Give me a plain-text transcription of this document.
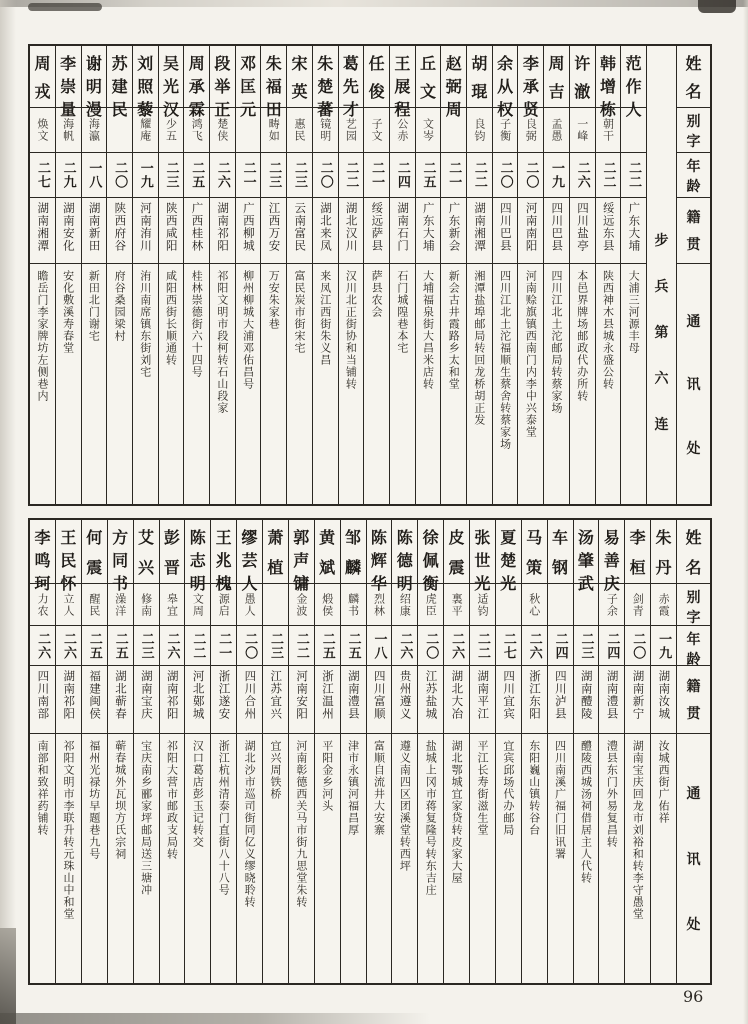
姓
名
别
字
年
龄
籍
贯
通
讯
处
步
兵
第
六
连
范
作
人
二二
广东大埔
大浦三河源丰母
韩
增
栋
朝干
二二
绥远东县
陕西神木县城永盛公转
许
澈
一峰
二六
四川盐亭
本邑界牌场邮政代办所转
周
吉
孟愚
一九
四川巴县
四川江北土沱邮局转蔡家场
李
承
贤
良弼
二〇
河南南阳
河南赊旗镇西南门内李中兴泰堂
余
从
权
子衡
二〇
四川巴县
四川江北土沱福顺生蔡舍转蔡家场
胡
琨
良钧
二二
湖南湘潭
湘潭盐埠邮局转回龙桥胡正发
赵
弼
周
二一
广东新会
新会古井霞路乡太和堂
丘
文
文岑
二五
广东大埔
大埔福泉街大昌米店转
王
展
程
公赤
二四
湖南石门
石门城隍巷本宅
任
俊
子文
二一
绥远萨县
萨县农会
葛
先
才
艺园
二二
湖北汉川
汉川北正街协和当铺转
朱
楚
蕃
镜明
二〇
湖北来凤
来凤江西街朱义昌
宋
英
惠民
二三
云南富民
富民炭市街宋宅
朱
福
田
畴如
二三
江西万安
万安朱家巷
邓
匡
元
二一
广西柳城
柳州柳城大浦邓佑昌号
段
举
正
楚侠
二六
湖南祁阳
祁阳文明市段柯转石山段家
周
承
霖
鸿飞
二五
广西桂林
桂林崇德街六十四号
吴
光
汉
少五
二三
陕西咸阳
咸阳西街长顺通转
刘
照
藜
耀庵
一九
河南洧川
洧川南席镇东街刘宅
苏
建
民
二〇
陕西府谷
府谷桑园梁村
谢
明
漫
海瀛
一八
湖南新田
新田北门谢宅
李
崇
量
海帆
二九
湖南安化
安化敷溪寿春堂
周
戎
焕文
二七
湖南湘潭
瞻岳门李家牌坊左侧巷内
姓
名
别
字
年
龄
籍
贯
通
讯
处
朱
丹
赤霞
一九
湖南汝城
汝城西街广佑祥
李
桓
剑青
二〇
湖南新宁
湖南宝庆回龙市刘裕和转李守愚堂
易
善
庆
子余
二四
湖南澧县
澧县东门外易复昌转
汤
肇
武
二三
湖南醴陵
醴陵西城汤祠借居主人代转
车
钢
二四
四川泸县
四川南溪广福门旧讯署
马
策
秋心
二六
浙江东阳
东阳巍山镇转谷台
夏
楚
光
二七
四川宜宾
宜宾邱场代办邮局
张
世
光
适钧
二二
湖南平江
平江长寿街滋生堂
皮
震
裏平
二六
湖北大冶
湖北鄂城宜家贷转皮家大屋
徐
佩
衡
虎臣
二〇
江苏盐城
盐城上冈市蒋复隆号转东吉庄
陈
德
明
绍康
二六
贵州遵义
遵义南四区团溪堂转西坪
陈
辉
华
烈林
一八
四川富顺
富顺自流井大安寨
邹
麟
麟书
二五
湖南澧县
津市永镇河福昌厚
黄
斌
煅侯
二五
浙江温州
平阳金乡河头
郭
声
镛
金波
二二
河南安阳
河南彰德西关马市街九思堂朱转
萧
植
二三
江苏宜兴
宜兴周铁桥
缪
芸
人
愚人
二〇
四川合州
湖北沙市巡司街同亿义缪晓聆转
王
兆
槐
源启
二一
浙江遂安
浙江杭州清泰门直街八十八号
陈
志
明
文周
二二
河北鄚城
汉口葛店彭玉记转交
彭
晋
皋宜
二六
湖南祁阳
祁阳大营市邮政支局转
艾
兴
修南
二三
湖南宝庆
宝庆南乡郦家坪邮局送三塘冲
方
同
书
澡洋
二五
湖北蕲春
蕲春城外瓦坝方氏宗祠
何
震
醒民
二五
福建闽侯
福州光禄坊早题巷九号
王
民
怀
立人
二六
湖南祁阳
祁阳文明市李联升转元珠山中和堂
李
鸣
珂
力农
二六
四川南部
南部和致祥药铺转
96
